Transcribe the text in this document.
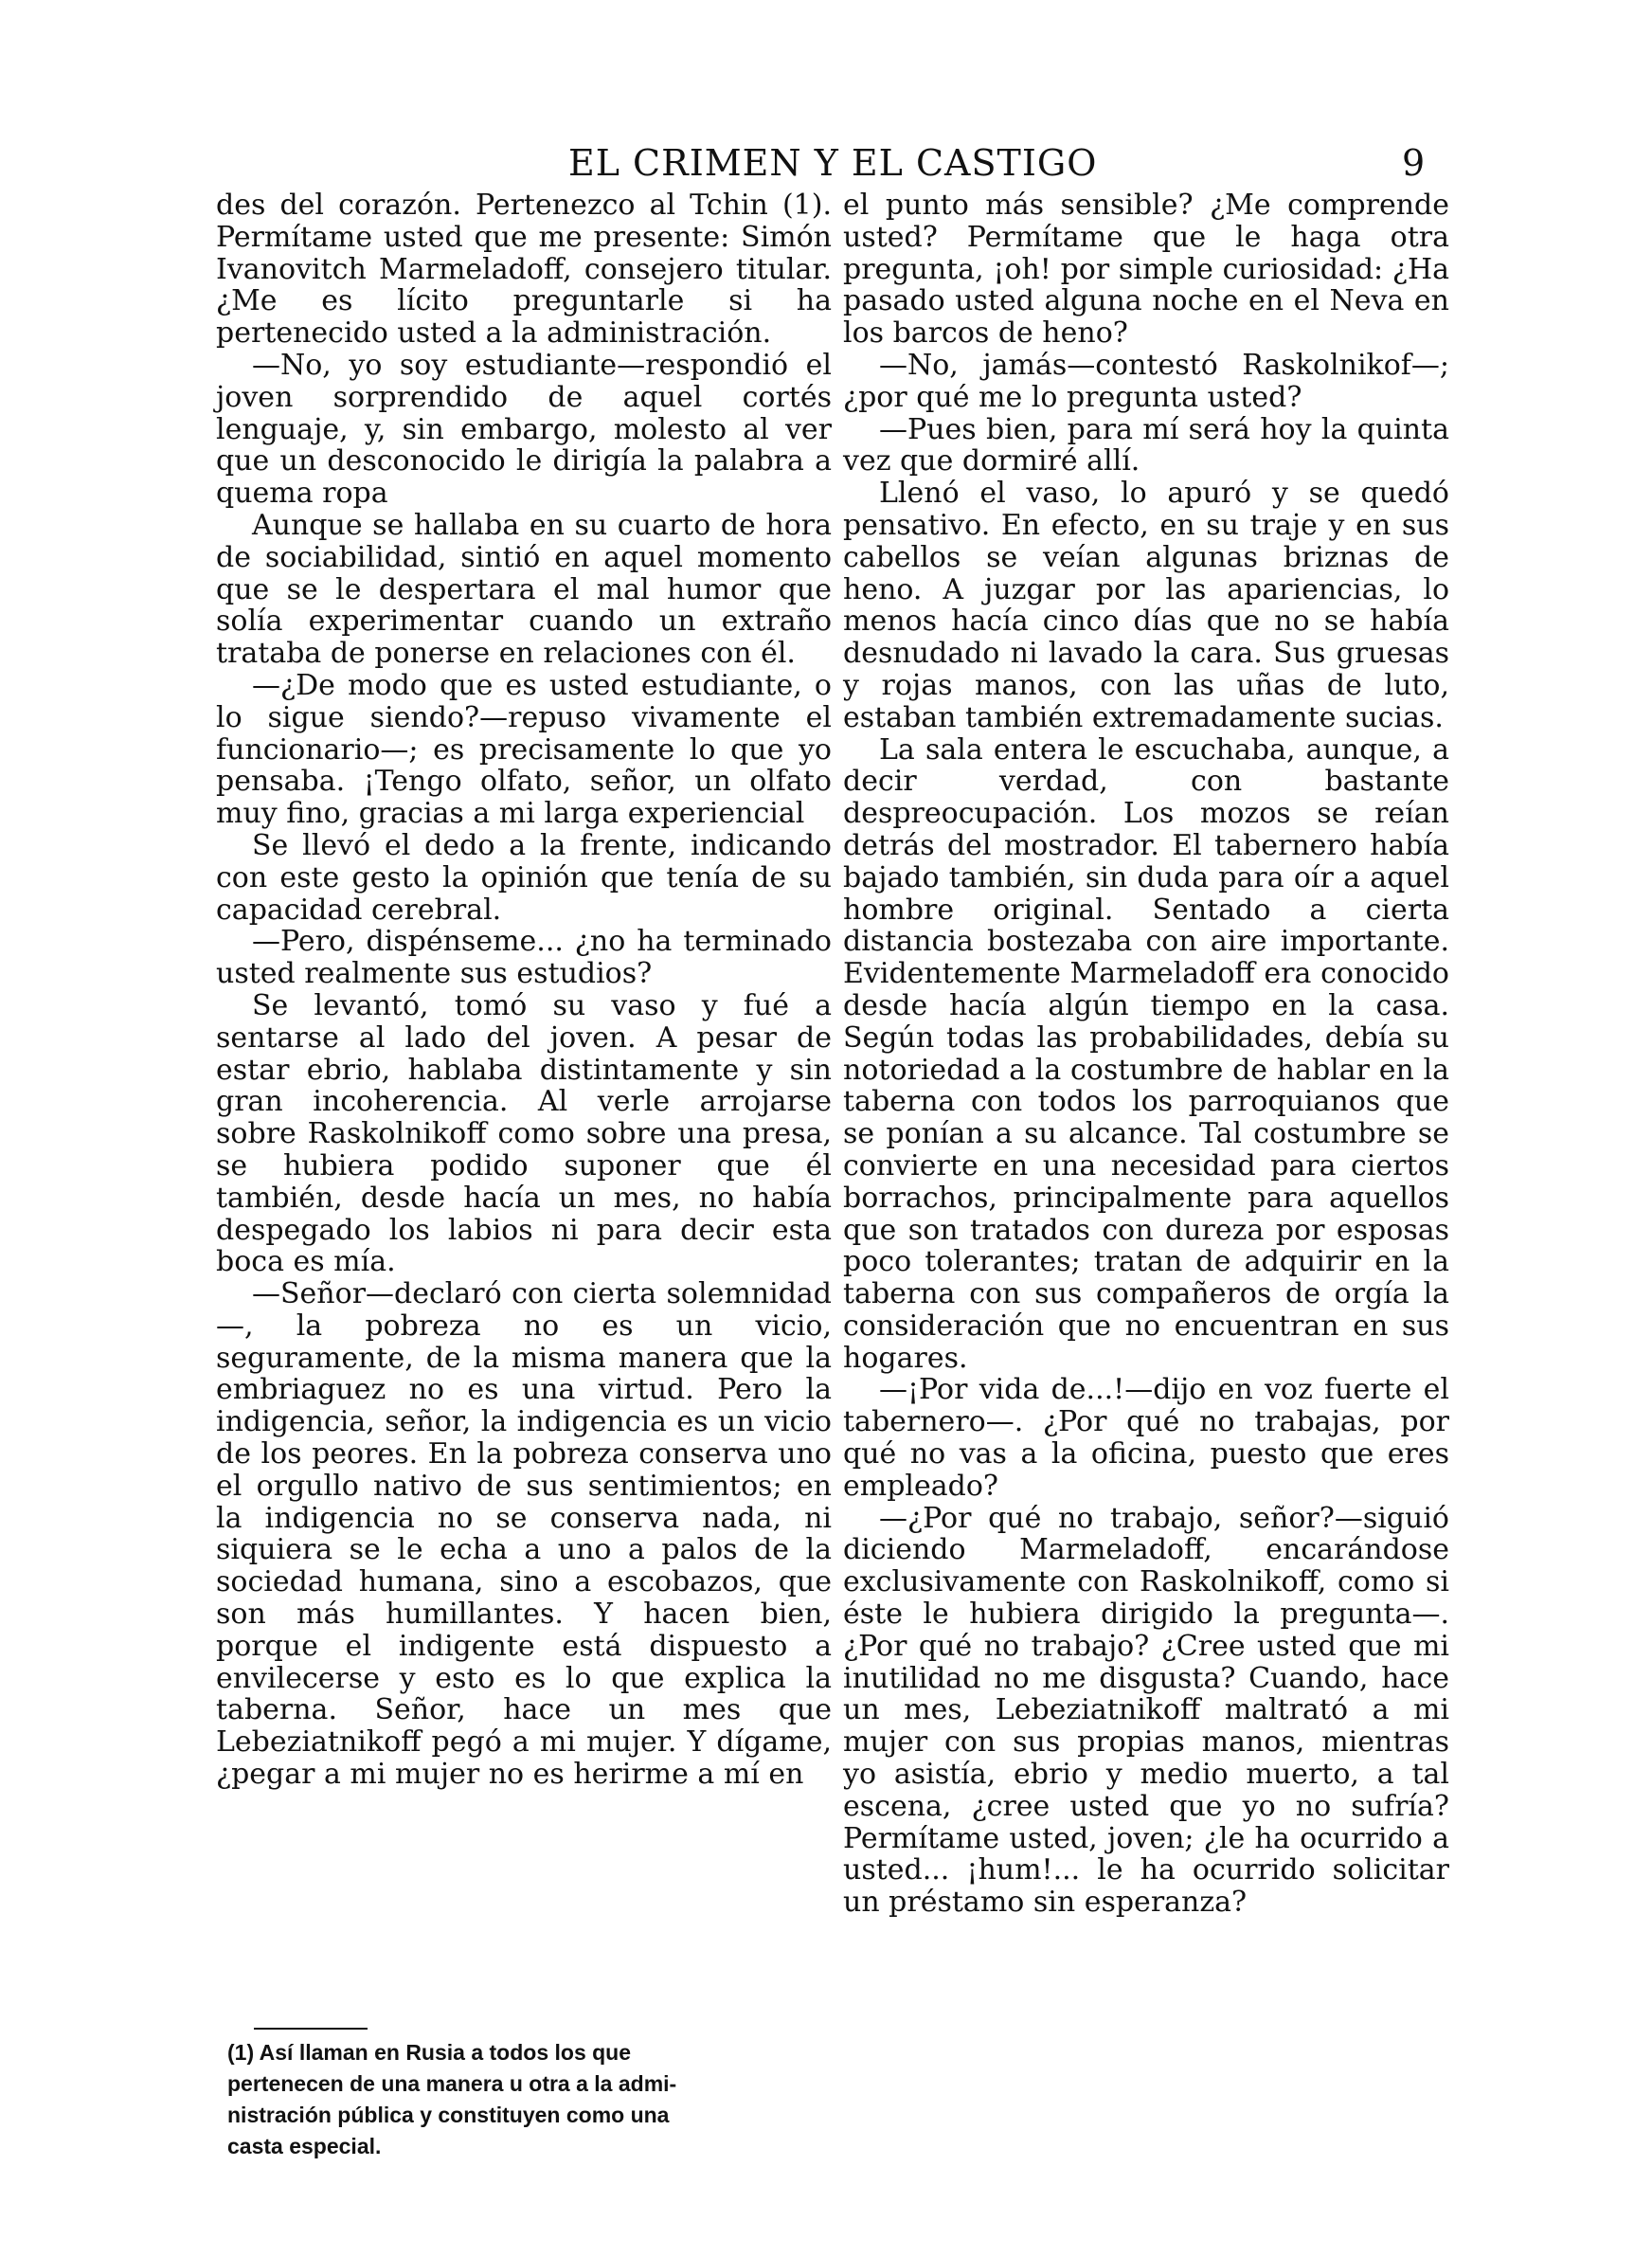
EL CRIMEN Y EL CASTIGO	9

des del corazón. Pertenezco al Tchin (1). Permítame usted que me presente: Simón Ivanovitch Marmeladoff, consejero titular. ¿Me es lícito preguntarle si ha pertenecido usted a la administración.

—No, yo soy estudiante—respondió el joven sorprendido de aquel cortés lenguaje, y, sin embargo, molesto al ver que un desconocido le dirigía la palabra a quema ropa

Aunque se hallaba en su cuarto de hora de sociabilidad, sintió en aquel momento que se le despertara el mal humor que solía experimentar cuando un extraño trataba de ponerse en relaciones con él.

—¿De modo que es usted estudiante, o lo sigue siendo?—repuso vivamente el funcionario—; es precisamente lo que yo pensaba. ¡Tengo olfato, señor, un olfato muy fino, gracias a mi larga experiencial

Se llevó el dedo a la frente, indicando con este gesto la opinión que tenía de su capacidad cerebral.

—Pero, dispénseme... ¿no ha terminado usted realmente sus estudios?

Se levantó, tomó su vaso y fué a sentarse al lado del joven. A pesar de estar ebrio, hablaba distintamente y sin gran incoherencia. Al verle arrojarse sobre Raskolnikoff como sobre una presa, se hubiera podido suponer que él también, desde hacía un mes, no había despegado los labios ni para decir esta boca es mía.

—Señor—declaró con cierta solemnidad—, la pobreza no es un vicio, seguramente, de la misma manera que la embriaguez no es una virtud. Pero la indigencia, señor, la indigencia es un vicio de los peores. En la pobreza conserva uno el orgullo nativo de sus sentimientos; en la indigencia no se conserva nada, ni siquiera se le echa a uno a palos de la sociedad humana, sino a escobazos, que son más humillantes. Y hacen bien, porque el indigente está dispuesto a envilecerse y esto es lo que explica la taberna. Señor, hace un mes que Lebeziatnikoff pegó a mi mujer. Y dígame, ¿pegar a mi mujer no es herirme a mí en

el punto más sensible? ¿Me comprende usted? Permítame que le haga otra pregunta, ¡oh! por simple curiosidad: ¿Ha pasado usted alguna noche en el Neva en los barcos de heno?

—No, jamás—contestó Raskolnikof—; ¿por qué me lo pregunta usted?

—Pues bien, para mí será hoy la quinta vez que dormiré allí.

Llenó el vaso, lo apuró y se quedó pensativo. En efecto, en su traje y en sus cabellos se veían algunas briznas de heno. A juzgar por las apariencias, lo menos hacía cinco días que no se había desnudado ni lavado la cara. Sus gruesas y rojas manos, con las uñas de luto, estaban también extremadamente sucias.

La sala entera le escuchaba, aunque, a decir verdad, con bastante despreocupación. Los mozos se reían detrás del mostrador. El tabernero había bajado también, sin duda para oír a aquel hombre original. Sentado a cierta distancia bostezaba con aire importante. Evidentemente Marmeladoff era conocido desde hacía algún tiempo en la casa. Según todas las probabilidades, debía su notoriedad a la costumbre de hablar en la taberna con todos los parroquianos que se ponían a su alcance. Tal costumbre se convierte en una necesidad para ciertos borrachos, principalmente para aquellos que son tratados con dureza por esposas poco tolerantes; tratan de adquirir en la taberna con sus compañeros de orgía la consideración que no encuentran en sus hogares.

—¡Por vida de...!—dijo en voz fuerte el tabernero—. ¿Por qué no trabajas, por qué no vas a la oficina, puesto que eres empleado?

—¿Por qué no trabajo, señor?—siguió diciendo Marmeladoff, encarándose exclusivamente con Raskolnikoff, como si éste le hubiera dirigido la pregunta—. ¿Por qué no trabajo? ¿Cree usted que mi inutilidad no me disgusta? Cuando, hace un mes, Lebeziatnikoff maltrató a mi mujer con sus propias manos, mientras yo asistía, ebrio y medio muerto, a tal escena, ¿cree usted que yo no sufría? Permítame usted, joven; ¿le ha ocurrido a usted... ¡hum!... le ha ocurrido solicitar un préstamo sin esperanza?

(1) Así llaman en Rusia a todos los que
pertenecen de una manera u otra a la admi-
nistración pública y constituyen como una
casta especial.
